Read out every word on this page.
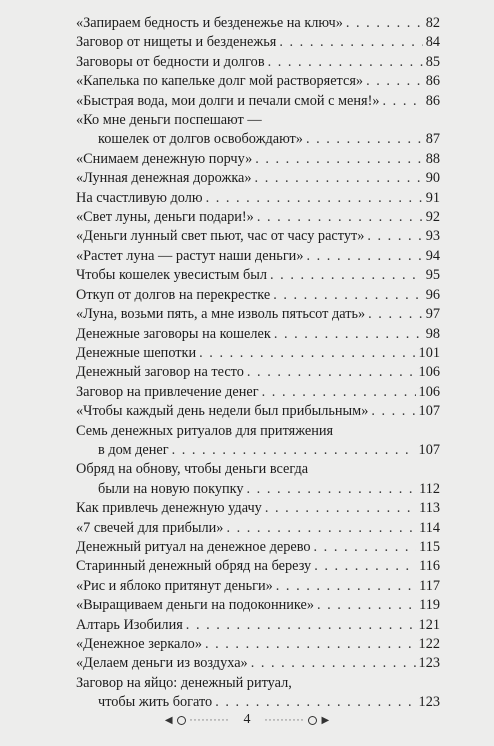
«Запираем бедность и безденежье на ключ» . . .	82
Заговор от нищеты и безденежья . . .	84
Заговоры от бедности и долгов . . .	85
«Капелька по капельке долг мой растворяется» . . .	86
«Быстрая вода, мои долги и печали смой с меня!» . . .	86
«Ко мне деньги поспешают —
кошелек от долгов освобождают» . . .	87
«Снимаем денежную порчу» . . .	88
«Лунная денежная дорожка» . . .	90
На счастливую долю . . .	91
«Свет луны, деньги подари!» . . .	92
«Деньги лунный свет пьют, час от часу растут» . . .	93
«Растет луна — растут наши деньги» . . .	94
Чтобы кошелек увесистым был . . .	95
Откуп от долгов на перекрестке . . .	96
«Луна, возьми пять, а мне изволь пятьсот дать» . . .	97
Денежные заговоры на кошелек . . .	98
Денежные шепотки . . .	101
Денежный заговор на тесто . . .	106
Заговор на привлечение денег . . .	106
«Чтобы каждый день недели был прибыльным» . . .	107
Семь денежных ритуалов для притяжения
в дом денег . . .	107
Обряд на обнову, чтобы деньги всегда
были на новую покупку . . .	112
Как привлечь денежную удачу . . .	113
«7 свечей для прибыли» . . .	114
Денежный ритуал на денежное дерево . . .	115
Старинный денежный обряд на березу . . .	116
«Рис и яблоко притянут деньги» . . .	117
«Выращиваем деньги на подоконнике» . . .	119
Алтарь Изобилия . . .	121
«Денежное зеркало» . . .	122
«Делаем деньги из воздуха» . . .	123
Заговор на яйцо: денежный ритуал,
чтобы жить богато . . .	123
◀ ·········· 4 ·········· ▶
